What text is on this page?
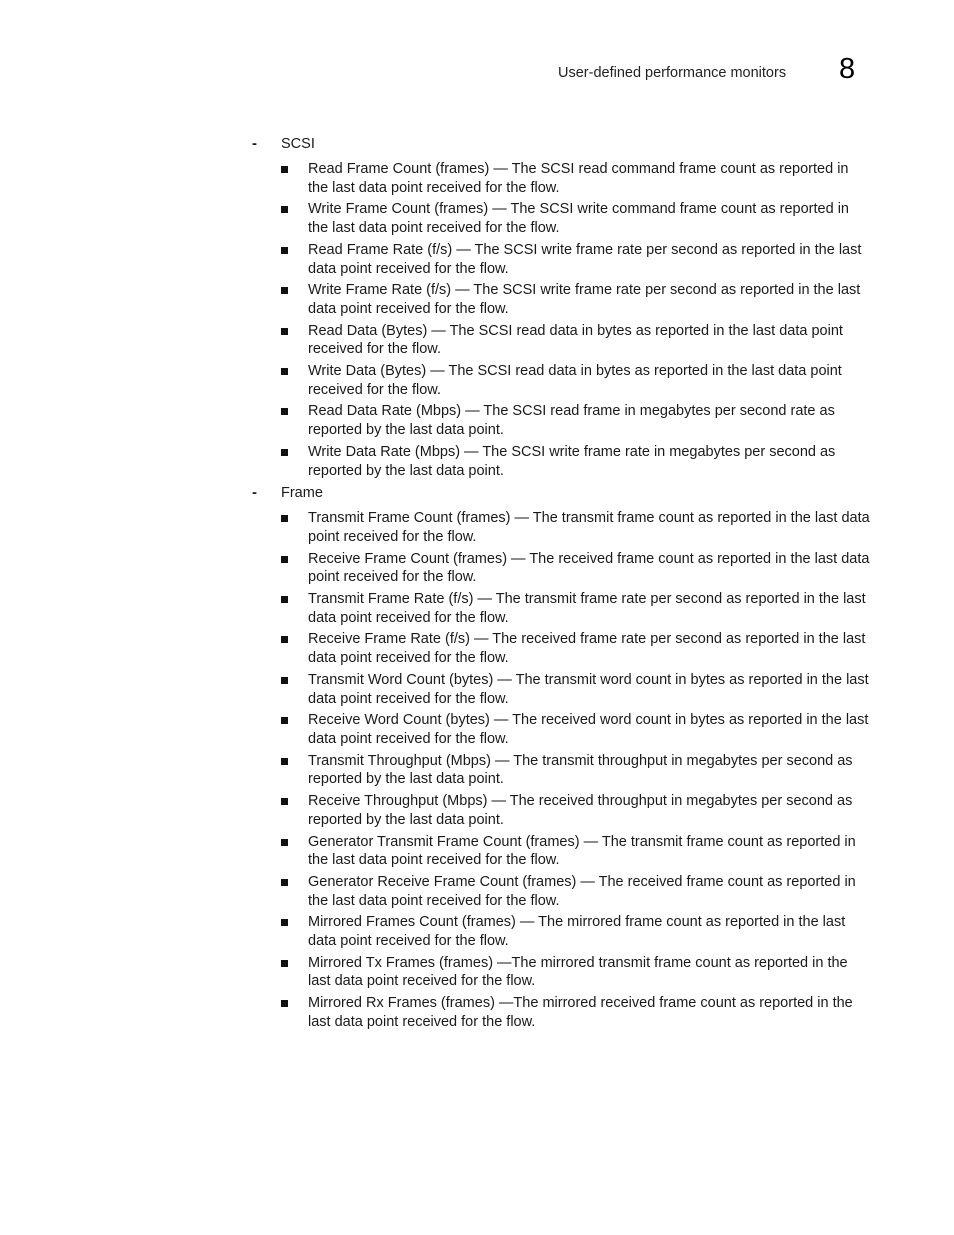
User-defined performance monitors 8
- SCSI
Read Frame Count (frames) — The SCSI read command frame count as reported in the last data point received for the flow.
Write Frame Count (frames) — The SCSI write command frame count as reported in the last data point received for the flow.
Read Frame Rate (f/s) — The SCSI write frame rate per second as reported in the last data point received for the flow.
Write Frame Rate (f/s) — The SCSI write frame rate per second as reported in the last data point received for the flow.
Read Data (Bytes) — The SCSI read data in bytes as reported in the last data point received for the flow.
Write Data (Bytes) — The SCSI read data in bytes as reported in the last data point received for the flow.
Read Data Rate (Mbps) — The SCSI read frame in megabytes per second rate as reported by the last data point.
Write Data Rate (Mbps) — The SCSI write frame rate in megabytes per second as reported by the last data point.
- Frame
Transmit Frame Count (frames) — The transmit frame count as reported in the last data point received for the flow.
Receive Frame Count (frames) — The received frame count as reported in the last data point received for the flow.
Transmit Frame Rate (f/s) — The transmit frame rate per second as reported in the last data point received for the flow.
Receive Frame Rate (f/s) — The received frame rate per second as reported in the last data point received for the flow.
Transmit Word Count (bytes) — The transmit word count in bytes as reported in the last data point received for the flow.
Receive Word Count (bytes) — The received word count in bytes as reported in the last data point received for the flow.
Transmit Throughput (Mbps) — The transmit throughput in megabytes per second as reported by the last data point.
Receive Throughput (Mbps) — The received throughput in megabytes per second as reported by the last data point.
Generator Transmit Frame Count (frames) — The transmit frame count as reported in the last data point received for the flow.
Generator Receive Frame Count (frames) — The received frame count as reported in the last data point received for the flow.
Mirrored Frames Count (frames) — The mirrored frame count as reported in the last data point received for the flow.
Mirrored Tx Frames (frames) —The mirrored transmit frame count as reported in the last data point received for the flow.
Mirrored Rx Frames (frames) —The mirrored received frame count as reported in the last data point received for the flow.
